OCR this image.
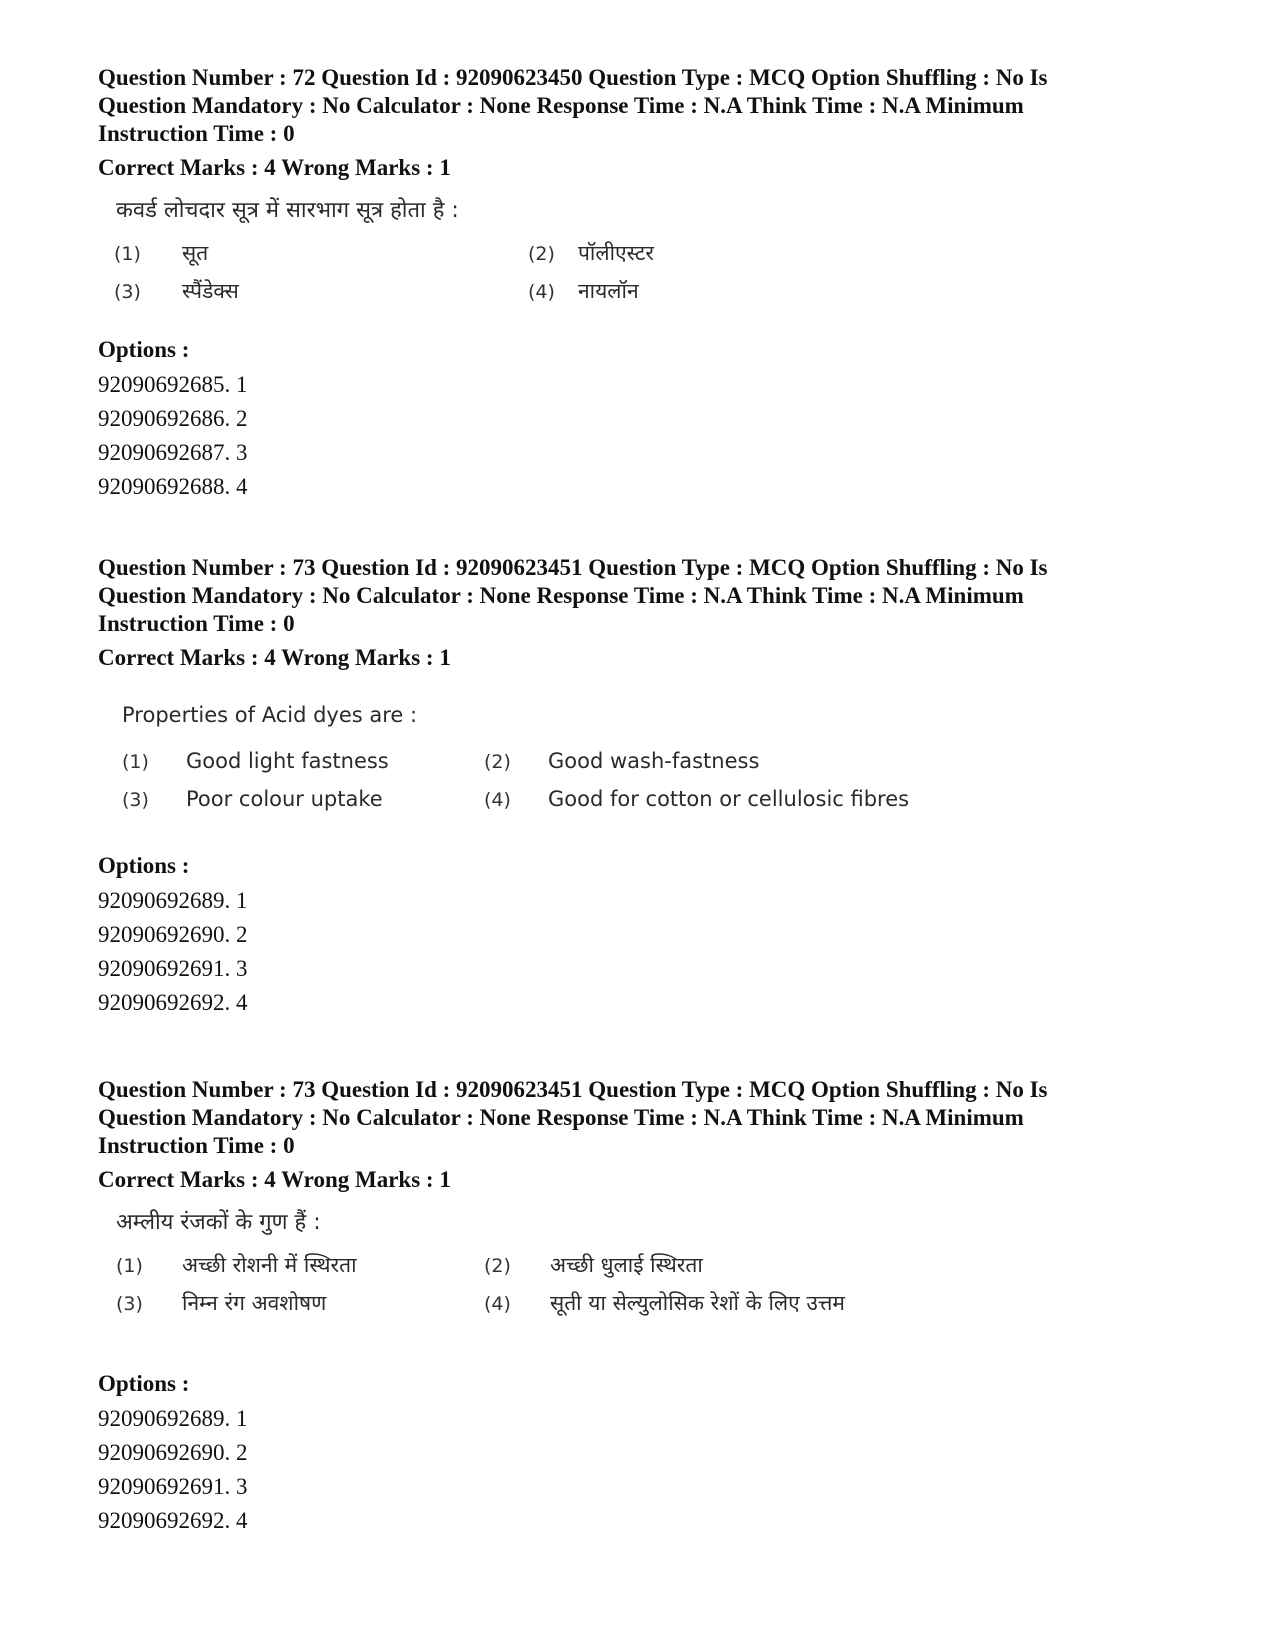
Question Number : 72 Question Id : 92090623450 Question Type : MCQ Option Shuffling : No Is
Question Mandatory : No Calculator : None Response Time : N.A Think Time : N.A Minimum
Instruction Time : 0
Correct Marks : 4 Wrong Marks : 1
कवर्ड लोचदार सूत्र में सारभाग सूत्र होता है :
(1) सूत	(2) पॉलीएस्टर
(3) स्पैंडेक्स	(4) नायलॉन
Options :
92090692685. 1
92090692686. 2
92090692687. 3
92090692688. 4
Question Number : 73 Question Id : 92090623451 Question Type : MCQ Option Shuffling : No Is
Question Mandatory : No Calculator : None Response Time : N.A Think Time : N.A Minimum
Instruction Time : 0
Correct Marks : 4 Wrong Marks : 1
Properties of Acid dyes are :
(1) Good light fastness	(2) Good wash-fastness
(3) Poor colour uptake	(4) Good for cotton or cellulosic fibres
Options :
92090692689. 1
92090692690. 2
92090692691. 3
92090692692. 4
Question Number : 73 Question Id : 92090623451 Question Type : MCQ Option Shuffling : No Is
Question Mandatory : No Calculator : None Response Time : N.A Think Time : N.A Minimum
Instruction Time : 0
Correct Marks : 4 Wrong Marks : 1
अम्लीय रंजकों के गुण हैं :
(1) अच्छी रोशनी में स्थिरता	(2) अच्छी धुलाई स्थिरता
(3) निम्न रंग अवशोषण	(4) सूती या सेल्युलोसिक रेशों के लिए उत्तम
Options :
92090692689. 1
92090692690. 2
92090692691. 3
92090692692. 4
